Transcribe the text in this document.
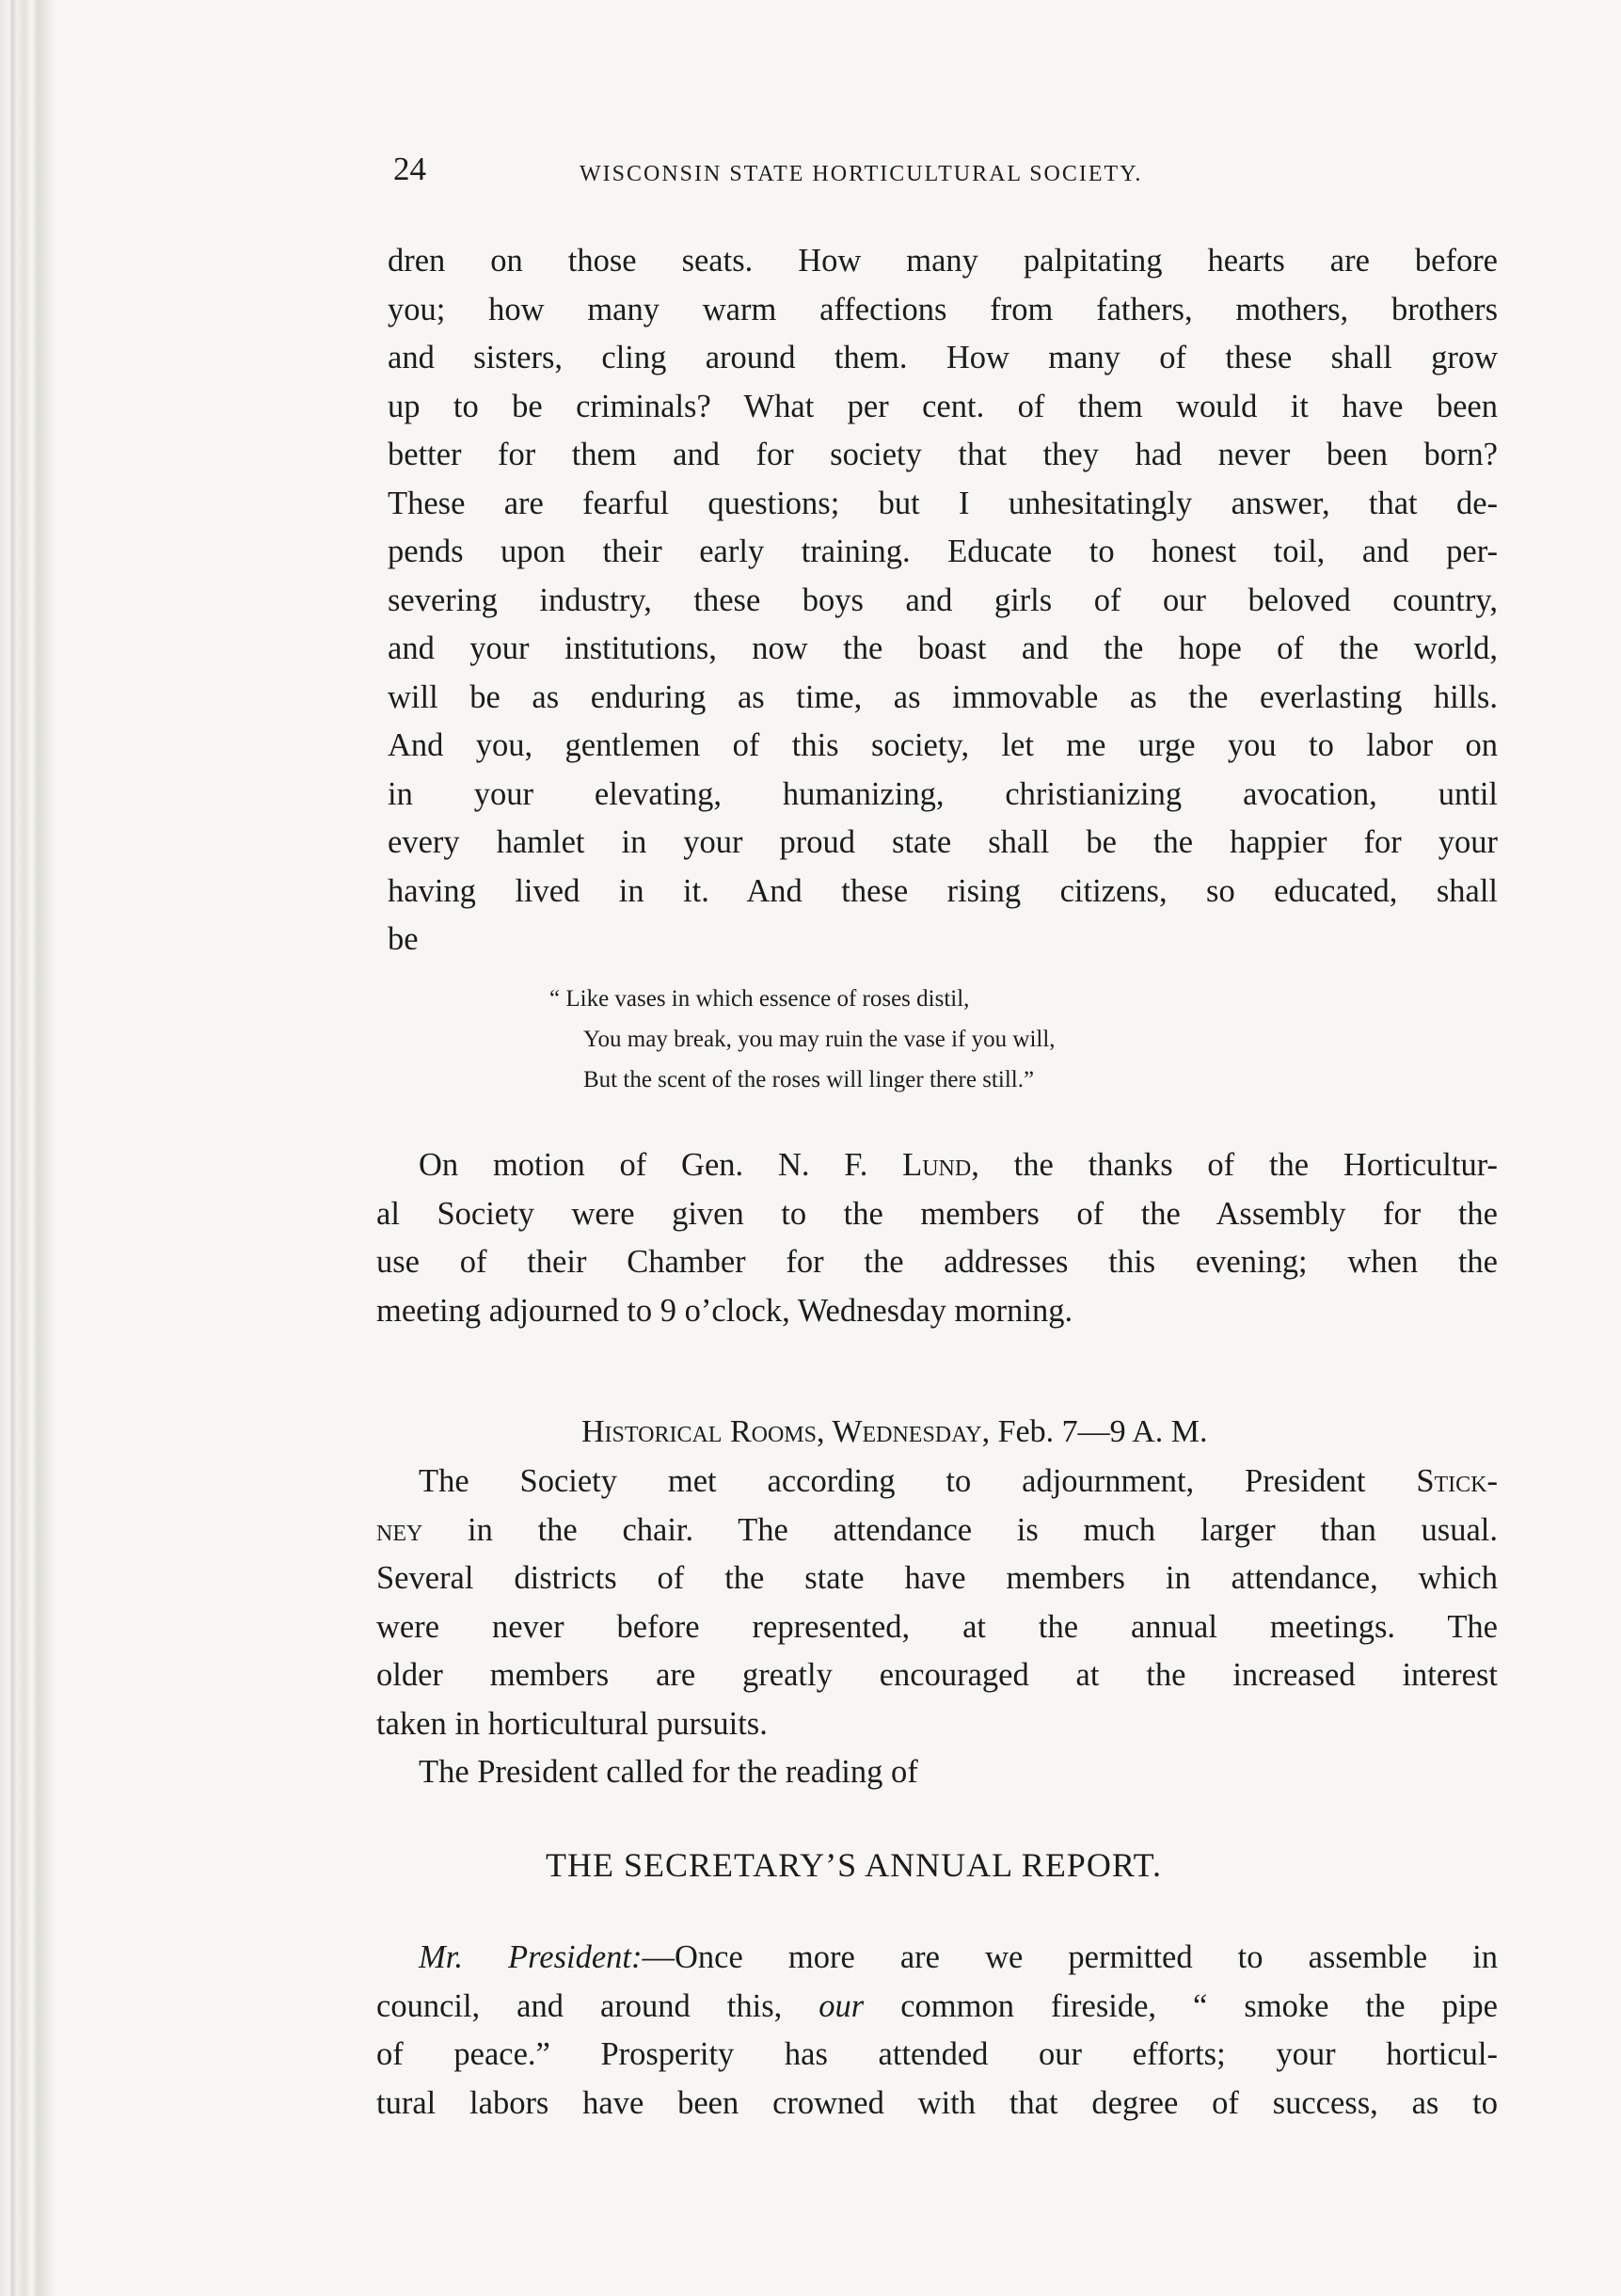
24	WISCONSIN STATE HORTICULTURAL SOCIETY.
dren on those seats. How many palpitating hearts are before
you; how many warm affections from fathers, mothers, brothers
and sisters, cling around them. How many of these shall grow
up to be criminals? What per cent. of them would it have been
better for them and for society that they had never been born?
These are fearful questions; but I unhesitatingly answer, that de-
pends upon their early training. Educate to honest toil, and per-
severing industry, these boys and girls of our beloved country,
and your institutions, now the boast and the hope of the world,
will be as enduring as time, as immovable as the everlasting hills.
And you, gentlemen of this society, let me urge you to labor on
in your elevating, humanizing, christianizing avocation, until
every hamlet in your proud state shall be the happier for your
having lived in it. And these rising citizens, so educated, shall
be
“ Like vases in which essence of roses distil,
You may break, you may ruin the vase if you will,
But the scent of the roses will linger there still.”
On motion of Gen. N. F. Lund, the thanks of the Horticultur-
al Society were given to the members of the Assembly for the
use of their Chamber for the addresses this evening; when the
meeting adjourned to 9 o’clock, Wednesday morning.
Historical Rooms, Wednesday, Feb. 7—9 A. M.
The Society met according to adjournment, President Stick-
ney in the chair. The attendance is much larger than usual.
Several districts of the state have members in attendance, which
were never before represented, at the annual meetings. The
older members are greatly encouraged at the increased interest
taken in horticultural pursuits.
The President called for the reading of
THE SECRETARY’S ANNUAL REPORT.
Mr. President:—Once more are we permitted to assemble in
council, and around this, our common fireside, “ smoke the pipe
of peace.” Prosperity has attended our efforts; your horticul-
tural labors have been crowned with that degree of success, as to
